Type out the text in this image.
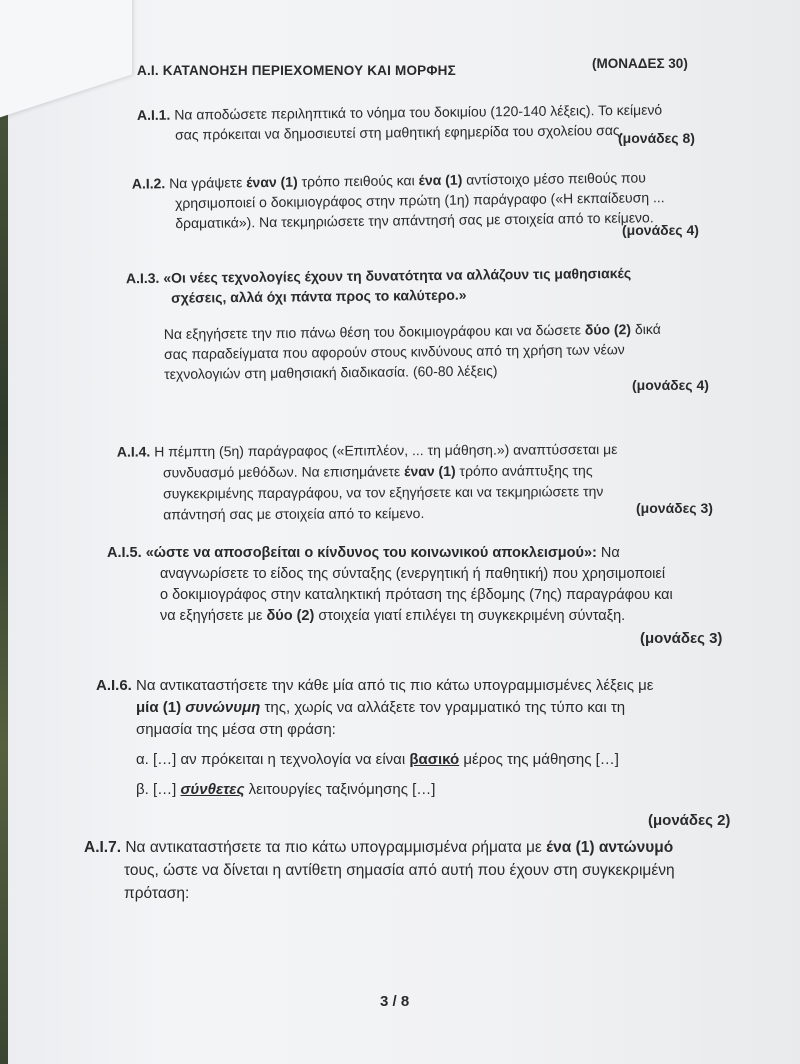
Α.Ι. ΚΑΤΑΝΟΗΣΗ ΠΕΡΙΕΧΟΜΕΝΟΥ ΚΑΙ ΜΟΡΦΗΣ	(ΜΟΝΑΔΕΣ 30)
Α.Ι.1. Να αποδώσετε περιληπτικά το νόημα του δοκιμίου (120-140 λέξεις). Το κείμενό
σας πρόκειται να δημοσιευτεί στη μαθητική εφημερίδα του σχολείου σας.
(μονάδες 8)
Α.Ι.2. Να γράψετε έναν (1) τρόπο πειθούς και ένα (1) αντίστοιχο μέσο πειθούς που
χρησιμοποιεί ο δοκιμιογράφος στην πρώτη (1η) παράγραφο («Η εκπαίδευση ...
δραματικά»). Να τεκμηριώσετε την απάντησή σας με στοιχεία από το κείμενο.
(μονάδες 4)
Α.Ι.3. «Οι νέες τεχνολογίες έχουν τη δυνατότητα να αλλάζουν τις μαθησιακές
σχέσεις, αλλά όχι πάντα προς το καλύτερο.»
Να εξηγήσετε την πιο πάνω θέση του δοκιμιογράφου και να δώσετε δύο (2) δικά
σας παραδείγματα που αφορούν στους κινδύνους από τη χρήση των νέων
τεχνολογιών στη μαθησιακή διαδικασία. (60-80 λέξεις)
(μονάδες 4)
Α.Ι.4. Η πέμπτη (5η) παράγραφος («Επιπλέον, ... τη μάθηση.») αναπτύσσεται με
συνδυασμό μεθόδων. Να επισημάνετε έναν (1) τρόπο ανάπτυξης της
συγκεκριμένης παραγράφου, να τον εξηγήσετε και να τεκμηριώσετε την
απάντησή σας με στοιχεία από το κείμενο.	(μονάδες 3)
Α.Ι.5. «ώστε να αποσοβείται ο κίνδυνος του κοινωνικού αποκλεισμού»: Να
αναγνωρίσετε το είδος της σύνταξης (ενεργητική ή παθητική) που χρησιμοποιεί
ο δοκιμιογράφος στην καταληκτική πρόταση της έβδομης (7ης) παραγράφου και
να εξηγήσετε με δύο (2) στοιχεία γιατί επιλέγει τη συγκεκριμένη σύνταξη.
(μονάδες 3)
Α.Ι.6. Να αντικαταστήσετε την κάθε μία από τις πιο κάτω υπογραμμισμένες λέξεις με
μία (1) συνώνυμη της, χωρίς να αλλάξετε τον γραμματικό της τύπο και τη
σημασία της μέσα στη φράση:
α. […] αν πρόκειται η τεχνολογία να είναι βασικό μέρος της μάθησης […]
β. […] σύνθετες λειτουργίες ταξινόμησης […]
(μονάδες 2)
Α.Ι.7. Να αντικαταστήσετε τα πιο κάτω υπογραμμισμένα ρήματα με ένα (1) αντώνυμό
τους, ώστε να δίνεται η αντίθετη σημασία από αυτή που έχουν στη συγκεκριμένη
πρόταση:
3 / 8
